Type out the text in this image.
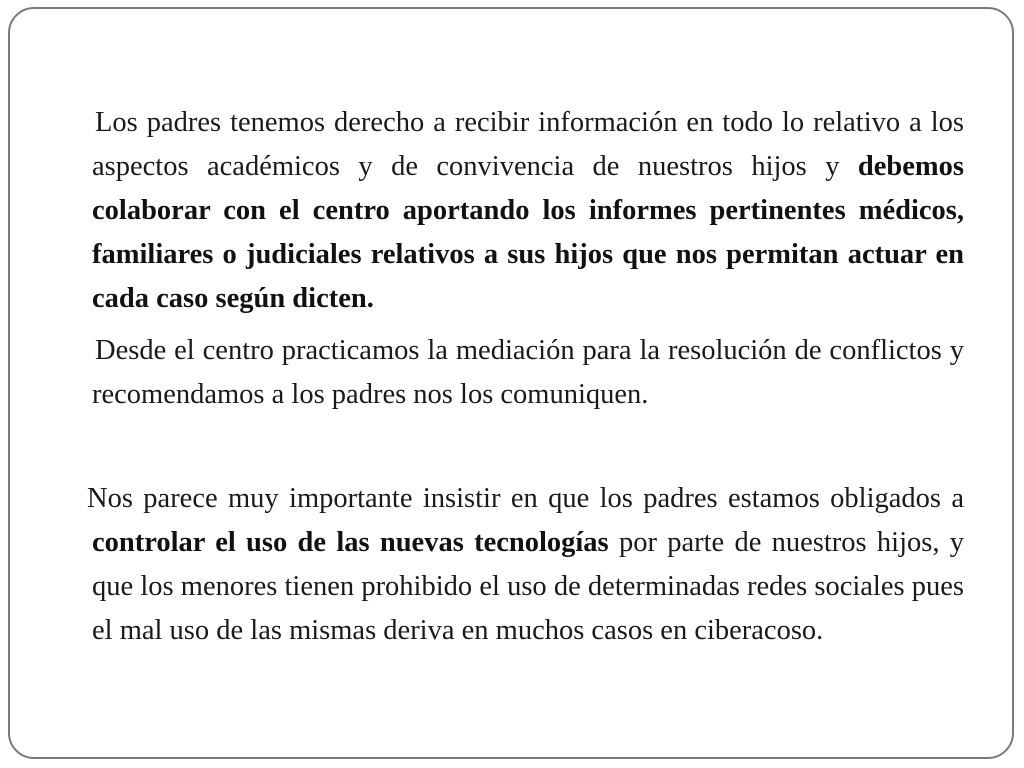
Los padres tenemos derecho a recibir información en todo lo relativo a los aspectos académicos y de convivencia de nuestros hijos y debemos colaborar con el centro aportando los informes pertinentes médicos, familiares o judiciales relativos a sus hijos que nos permitan actuar en cada caso según dicten.

Desde el centro practicamos la mediación para la resolución de conflictos y recomendamos a los padres nos los comuniquen.

Nos parece muy importante insistir en que los padres estamos obligados a controlar el uso de las nuevas tecnologías por parte de nuestros hijos, y que los menores tienen prohibido el uso de determinadas redes sociales pues el mal uso de las mismas deriva en muchos casos en ciberacoso.
